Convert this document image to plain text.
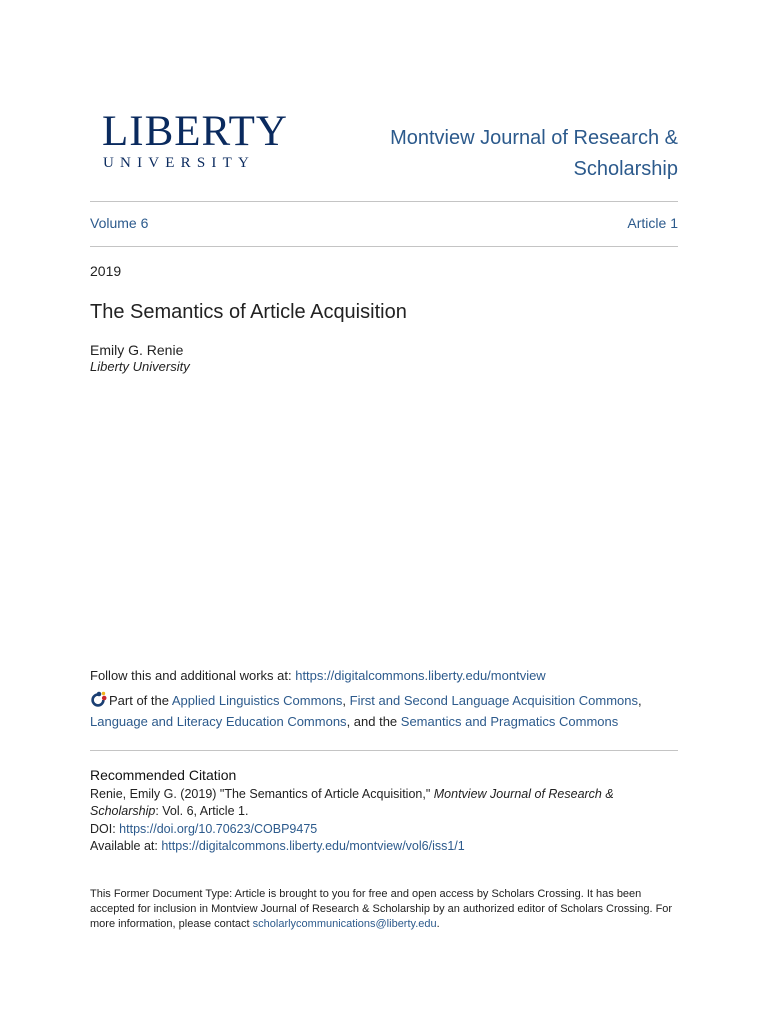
LIBERTY
UNIVERSITY
Montview Journal of Research &
Scholarship
Volume 6	Article 1
2019
The Semantics of Article Acquisition
Emily G. Renie
Liberty University
Follow this and additional works at: https://digitalcommons.liberty.edu/montview
Part of the Applied Linguistics Commons, First and Second Language Acquisition Commons,
Language and Literacy Education Commons, and the Semantics and Pragmatics Commons
Recommended Citation
Renie, Emily G. (2019) "The Semantics of Article Acquisition," Montview Journal of Research &
Scholarship: Vol. 6, Article 1.
DOI: https://doi.org/10.70623/COBP9475
Available at: https://digitalcommons.liberty.edu/montview/vol6/iss1/1
This Former Document Type: Article is brought to you for free and open access by Scholars Crossing. It has been accepted for inclusion in Montview Journal of Research & Scholarship by an authorized editor of Scholars Crossing. For more information, please contact scholarlycommunications@liberty.edu.
